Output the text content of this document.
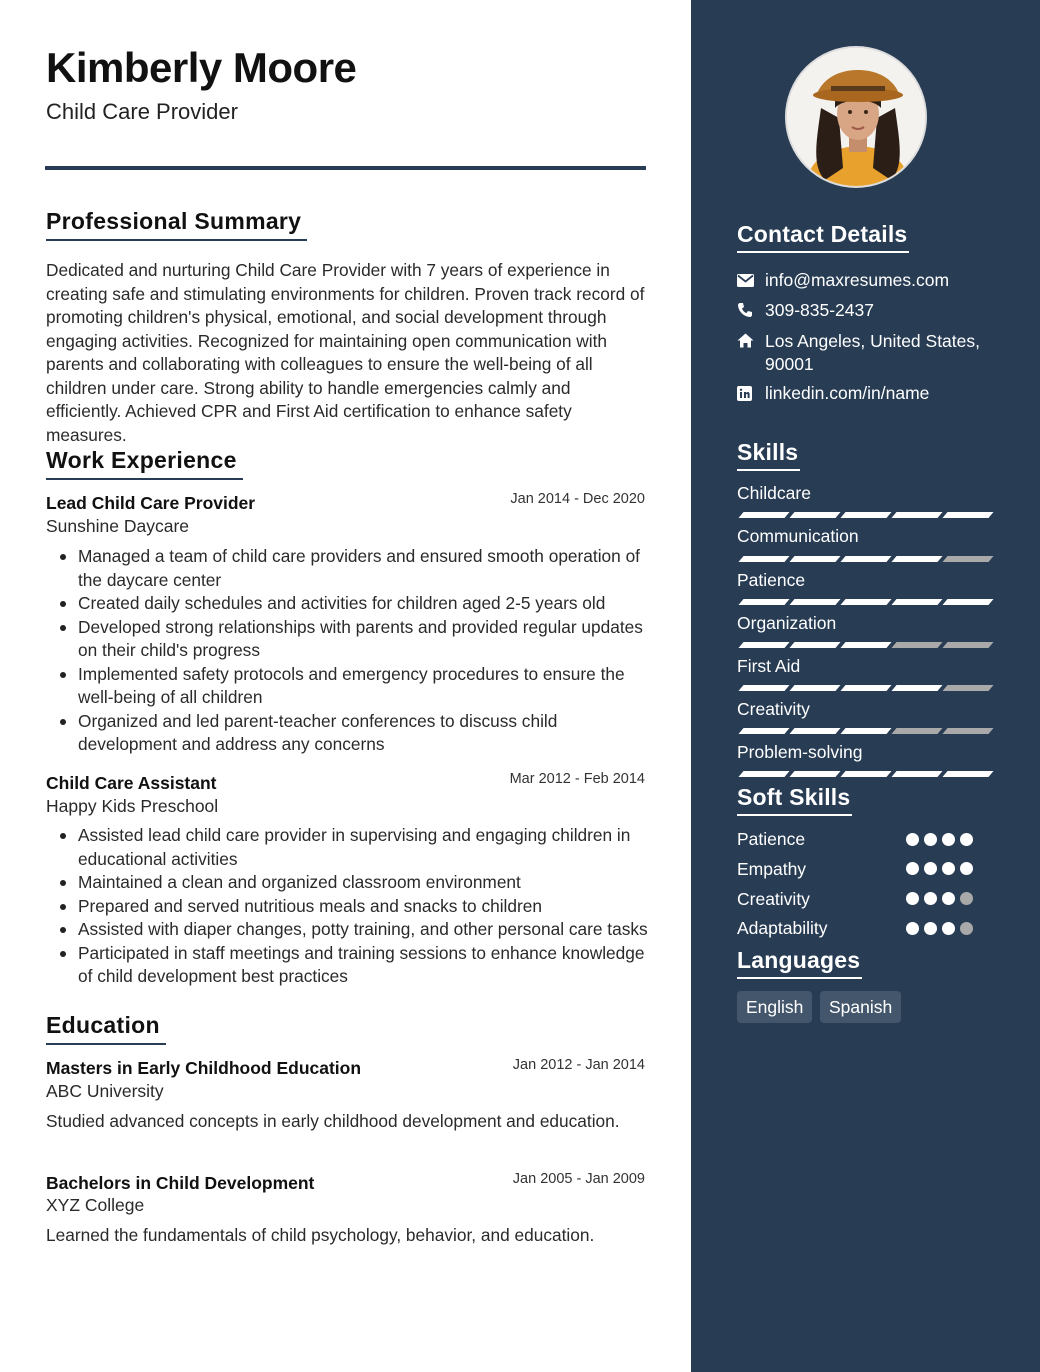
Kimberly Moore
Child Care Provider
Professional Summary

Dedicated and nurturing Child Care Provider with 7 years of experience in creating safe and stimulating environments for children. Proven track record of promoting children's physical, emotional, and social development through engaging activities. Recognized for maintaining open communication with parents and collaborating with colleagues to ensure the well-being of all children under care. Strong ability to handle emergencies calmly and efficiently. Achieved CPR and First Aid certification to enhance safety measures.

Work Experience
Lead Child Care Provider	Jan 2014 - Dec 2020
Sunshine Daycare
Managed a team of child care providers and ensured smooth operation of the daycare center
Created daily schedules and activities for children aged 2-5 years old
Developed strong relationships with parents and provided regular updates on their child's progress
Implemented safety protocols and emergency procedures to ensure the well-being of all children
Organized and led parent-teacher conferences to discuss child development and address any concerns
Child Care Assistant	Mar 2012 - Feb 2014
Happy Kids Preschool
Assisted lead child care provider in supervising and engaging children in educational activities
Maintained a clean and organized classroom environment
Prepared and served nutritious meals and snacks to children
Assisted with diaper changes, potty training, and other personal care tasks
Participated in staff meetings and training sessions to enhance knowledge of child development best practices
Education
Masters in Early Childhood Education	Jan 2012 - Jan 2014
ABC University
Studied advanced concepts in early childhood development and education.
Bachelors in Child Development	Jan 2005 - Jan 2009
XYZ College
Learned the fundamentals of child psychology, behavior, and education.
Contact Details
info@maxresumes.com
309-835-2437
Los Angeles, United States,
90001
linkedin.com/in/name
Skills
Childcare
Communication
Patience
Organization
First Aid
Creativity
Problem-solving
Soft Skills
Patience
Empathy
Creativity
Adaptability
Languages
English	Spanish
